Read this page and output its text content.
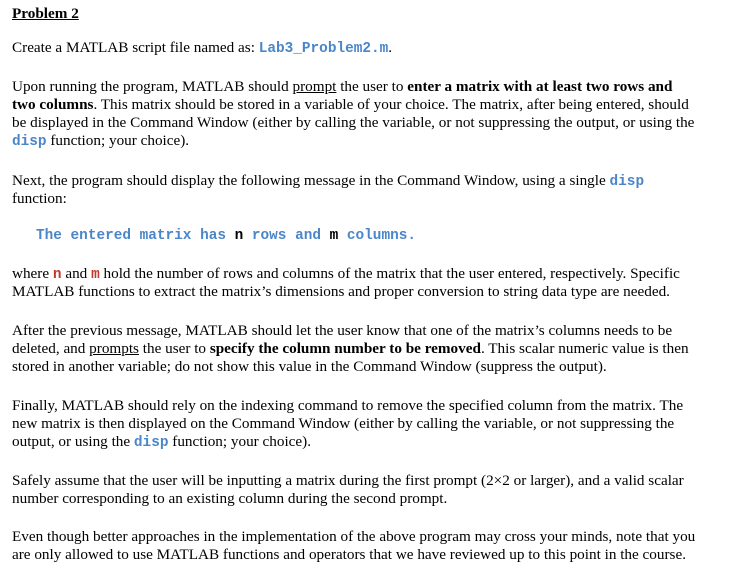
Problem 2
Create a MATLAB script file named as: Lab3_Problem2.m.
Upon running the program, MATLAB should prompt the user to enter a matrix with at least two rows and
two columns. This matrix should be stored in a variable of your choice. The matrix, after being entered, should
be displayed in the Command Window (either by calling the variable, or not suppressing the output, or using the
disp function; your choice).
Next, the program should display the following message in the Command Window, using a single disp
function:
The entered matrix has n rows and m columns.
where n and m hold the number of rows and columns of the matrix that the user entered, respectively. Specific
MATLAB functions to extract the matrix’s dimensions and proper conversion to string data type are needed.
After the previous message, MATLAB should let the user know that one of the matrix’s columns needs to be
deleted, and prompts the user to specify the column number to be removed. This scalar numeric value is then
stored in another variable; do not show this value in the Command Window (suppress the output).
Finally, MATLAB should rely on the indexing command to remove the specified column from the matrix. The
new matrix is then displayed on the Command Window (either by calling the variable, or not suppressing the
output, or using the disp function; your choice).
Safely assume that the user will be inputting a matrix during the first prompt (2×2 or larger), and a valid scalar
number corresponding to an existing column during the second prompt.
Even though better approaches in the implementation of the above program may cross your minds, note that you
are only allowed to use MATLAB functions and operators that we have reviewed up to this point in the course.
